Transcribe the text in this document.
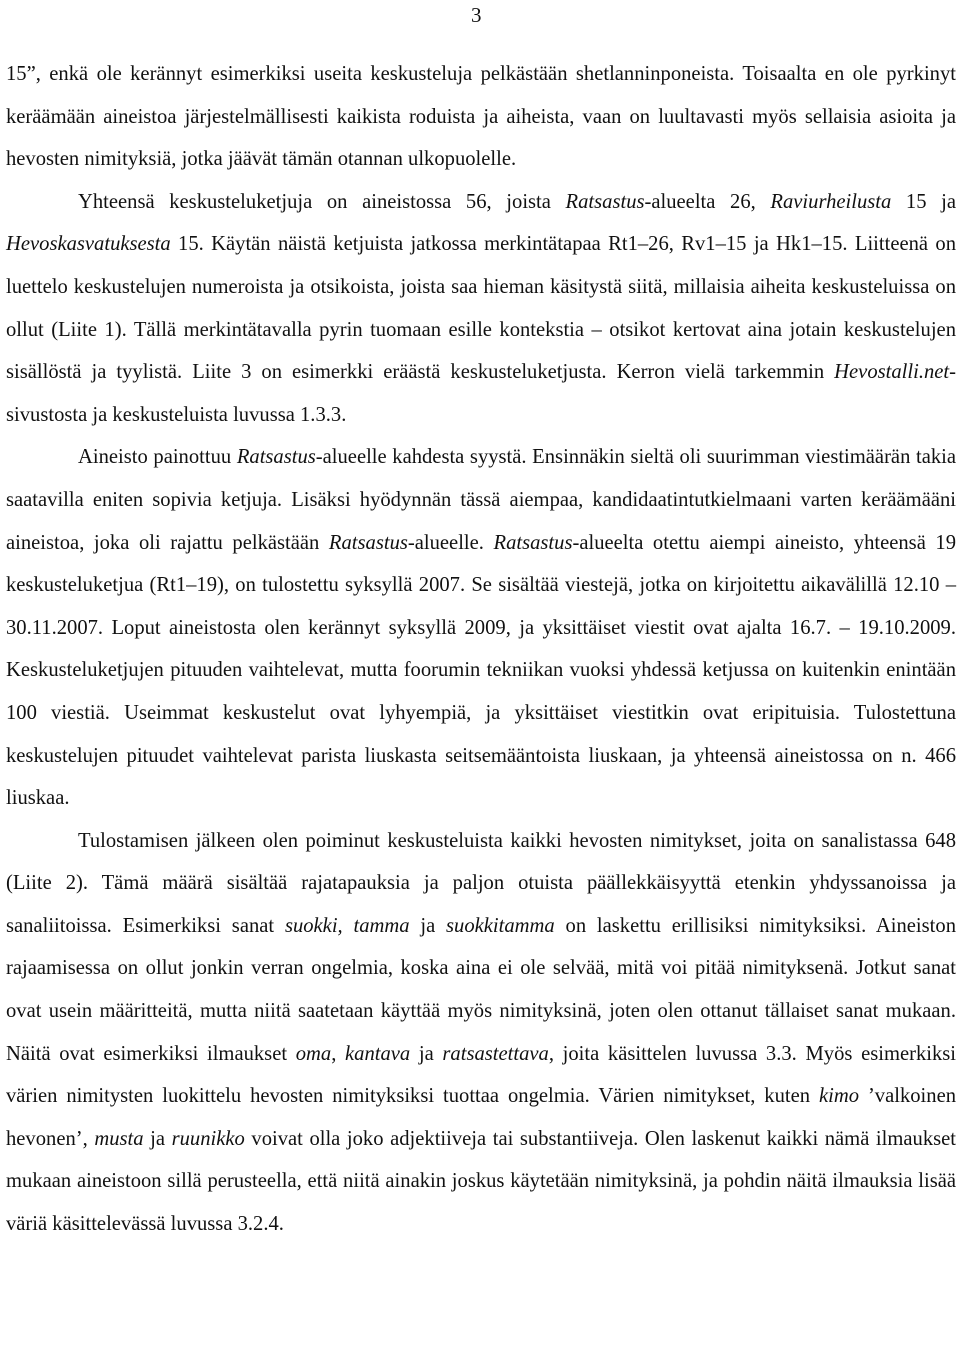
3

15”, enkä ole kerännyt esimerkiksi useita keskusteluja pelkästään shetlanninponeista. Toisaalta en ole pyrkinyt keräämään aineistoa järjestelmällisesti kaikista roduista ja aiheista, vaan on luultavasti myös sellaisia asioita ja hevosten nimityksiä, jotka jäävät tämän otannan ulkopuolelle.

Yhteensä keskusteluketjuja on aineistossa 56, joista Ratsastus-alueelta 26, Raviurheilusta 15 ja Hevoskasvatuksesta 15. Käytän näistä ketjuista jatkossa merkintätapaa Rt1–26, Rv1–15 ja Hk1–15. Liitteenä on luettelo keskustelujen numeroista ja otsikoista, joista saa hieman käsitystä siitä, millaisia aiheita keskusteluissa on ollut (Liite 1). Tällä merkintätavalla pyrin tuomaan esille kontekstia – otsikot kertovat aina jotain keskustelujen sisällöstä ja tyylistä. Liite 3 on esimerkki eräästä keskusteluketjusta. Kerron vielä tarkemmin Hevostalli.net-sivustosta ja keskusteluista luvussa 1.3.3.

Aineisto painottuu Ratsastus-alueelle kahdesta syystä. Ensinnäkin sieltä oli suurimman viestimäärän takia saatavilla eniten sopivia ketjuja. Lisäksi hyödynnän tässä aiempaa, kandidaatintutkielmaani varten keräämääni aineistoa, joka oli rajattu pelkästään Ratsastus-alueelle. Ratsastus-alueelta otettu aiempi aineisto, yhteensä 19 keskusteluketjua (Rt1–19), on tulostettu syksyllä 2007. Se sisältää viestejä, jotka on kirjoitettu aikavälillä 12.10 – 30.11.2007. Loput aineistosta olen kerännyt syksyllä 2009, ja yksittäiset viestit ovat ajalta 16.7. – 19.10.2009. Keskusteluketjujen pituuden vaihtelevat, mutta foorumin tekniikan vuoksi yhdessä ketjussa on kuitenkin enintään 100 viestiä. Useimmat keskustelut ovat lyhyempiä, ja yksittäiset viestitkin ovat eripituisia. Tulostettuna keskustelujen pituudet vaihtelevat parista liuskasta seitsemääntoista liuskaan, ja yhteensä aineistossa on n. 466 liuskaa.

Tulostamisen jälkeen olen poiminut keskusteluista kaikki hevosten nimitykset, joita on sanalistassa 648 (Liite 2). Tämä määrä sisältää rajatapauksia ja paljon otuista päällekkäisyyttä etenkin yhdyssanoissa ja sanaliitoissa. Esimerkiksi sanat suokki, tamma ja suokkitamma on laskettu erillisiksi nimityksiksi. Aineiston rajaamisessa on ollut jonkin verran ongelmia, koska aina ei ole selvää, mitä voi pitää nimityksenä. Jotkut sanat ovat usein määritteitä, mutta niitä saatetaan käyttää myös nimityksinä, joten olen ottanut tällaiset sanat mukaan. Näitä ovat esimerkiksi ilmaukset oma, kantava ja ratsastettava, joita käsittelen luvussa 3.3. Myös esimerkiksi värien nimitysten luokittelu hevosten nimityksiksi tuottaa ongelmia. Värien nimitykset, kuten kimo ’valkoinen hevonen’, musta ja ruunikko voivat olla joko adjektiiveja tai substantiiveja. Olen laskenut kaikki nämä ilmaukset mukaan aineistoon sillä perusteella, että niitä ainakin joskus käytetään nimityksinä, ja pohdin näitä ilmauksia lisää väriä käsittelevässä luvussa 3.2.4.
